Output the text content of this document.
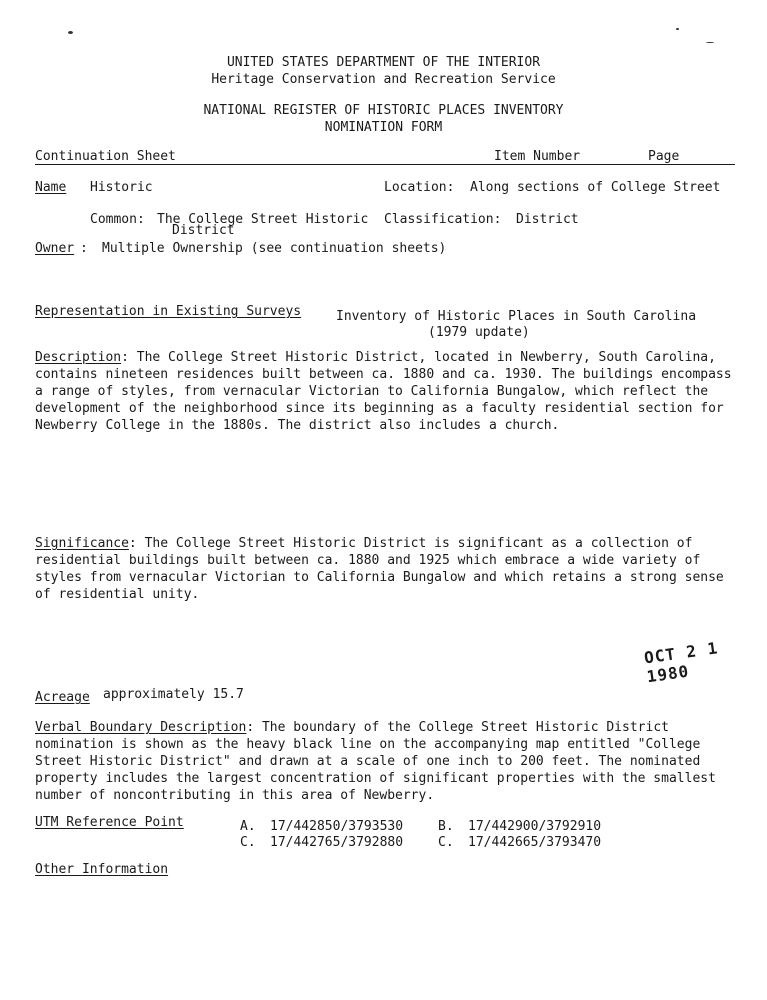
UNITED STATES DEPARTMENT OF THE INTERIOR
Heritage Conservation and Recreation Service
NATIONAL REGISTER OF HISTORIC PLACES INVENTORY
NOMINATION FORM
Continuation Sheet	Item Number	Page
Name Historic	Location: Along sections of College Street
Common: The College Street Historic
District
Classification: District
Owner : Multiple Ownership (see continuation sheets)
Representation in Existing Surveys	Inventory of Historic Places in South Carolina
(1979 update)
Description: The College Street Historic District, located in Newberry, South Carolina, contains nineteen residences built between ca. 1880 and ca. 1930. The buildings encompass a range of styles, from vernacular Victorian to California Bungalow, which reflect the development of the neighborhood since its beginning as a faculty residential section for Newberry College in the 1880s. The district also includes a church.
Significance: The College Street Historic District is significant as a collection of residential buildings built between ca. 1880 and 1925 which embrace a wide variety of styles from vernacular Victorian to California Bungalow and which retains a strong sense of residential unity.
OCT 2 1 1980
Acreage approximately 15.7
Verbal Boundary Description: The boundary of the College Street Historic District nomination is shown as the heavy black line on the accompanying map entitled "College Street Historic District" and drawn at a scale of one inch to 200 feet. The nominated property includes the largest concentration of significant properties with the smallest number of noncontributing in this area of Newberry.
UTM Reference Point	A. 17/442850/3793530	B. 17/442900/3792910
C. 17/442765/3792880	C. 17/442665/3793470
Other Information
